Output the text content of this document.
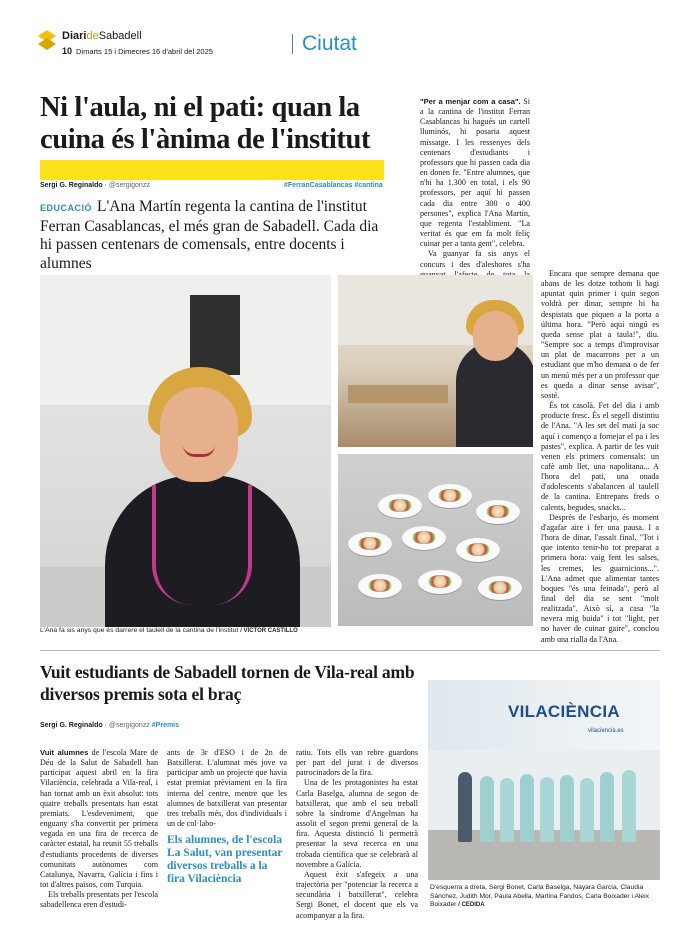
DiarideSabadell
10 Dimarts 15 i Dimecres 16 d'abril del 2025	Ciutat
Ni l'aula, ni el pati: quan la cuina és l'ànima de l'institut
Sergi G. Reginaldo · @sergigonzz	#FerranCasablancas #cantina
EDUCACIÓ L'Ana Martín regenta la cantina de l'institut Ferran Casablancas, el més gran de Sabadell. Cada dia hi passen centenars de comensals, entre docents i alumnes

"Per a menjar com a casa". Si a la cantina de l'institut Ferran Casablancas hi hagués un cartell lluminós, hi posaria aquest missatge. I les ressenyes dels centenars d'estudiants i professors que hi passen cada dia en donen fe. "Entre alumnes, que n'hi ha 1.300 en total, i els 90 professors, per aquí hi passen cada dia entre 300 o 400 persones", explica l'Ana Martín, que regenta l'establiment. "La veritat és que em fa molt feliç cuinar per a tanta gent", celebra.

Va guanyar fa sis anys el concurs i des d'aleshores s'ha

Encara que sempre demana que abans de les dotze tothom li hagi apuntat quin primer i quin segon voldrà per dinar, sempre hi ha despistats que piquen a la porta a última hora. "Però aquí ningú es queda sense plat a taula!", diu. "Sempre soc a temps d'improvisar un plat de macarrons per a un estudiant que m'ho demana o de fer un menú més per a un professor que es queda a dinar sense avisar", sosté.

És tot casolà. Fet del dia i amb producte fresc. És el segell distintiu de l'Ana. "A les set del matí ja soc aquí i començo a fornejar el pa i les pastes", explica. A partir de les vuit venen els primers comensals: un cafè amb llet, una napolitana... A l'hora del pati, una onada d'adolescents s'abalancen al taulell de la cantina. Entrepans freds o calents, begudes, snacks...

Després de l'esbarjo, és moment d'agafar aire i fer una pausa. I a l'hora de dinar, l'assalt final. "Tot i que intento tenir-ho tot preparat a primera hora: vaig fent les salses, les cremes, les guarnicions...". L'Ana admet que alimentar tantes boques "és una feinada", però al final del dia se sent "molt realitzada". Això sí, a casa "la nevera mig buida" i tot "light, per no haver de cuinar gaire", conclou amb una rialla da l'Ana.

L'Ana fa sis anys que és darrere el taulell de la cantina de l'institut / VÍCTOR CASTILLO
Vuit estudiants de Sabadell tornen de Vila-real amb diversos premis sota el braç
Sergi G. Reginaldo · @sergigonzz #Premis

Vuit alumnes de l'escola Mare de Déu de la Salut de Sabadell han participat aquest abril en la fira Vilaciència, celebrada a Vila-real, i han tornat amb un èxit absolut: tots quatre treballs presentats han estat premiats. L'esdeveniment, que enguany s'ha convertit per primera vegada en una fira de recerca de caràcter estatal, ha reunit 55 treballs d'estudiants procedents de diverses comunitats autònomes com Catalunya, Navarra, Galícia i fins i tot d'altres països, com Turquia.

Els treballs presentats per l'escola sabadellenca eren d'estudi-

ants de 3r d'ESO i de 2n de Batxillerat. L'alumnat més jove va participar amb un projecte que havia estat premiat prèviament en la fira interna del centre, mentre que les alumnes de batxillerat van presentar tres treballs més, dos d'individuals i un de col·labo-

Els alumnes, de l'escola La Salut, van presentar diversos treballs a la fira Vilaciència

ratiu. Tots ells van rebre guardons per part del jurat i de diversos patrocinadors de la fira.

Una de les protagonistes ha estat Carla Baselga, alumna de segon de batxillerat, que amb el seu treball sobre la síndrome d'Angelman ha assolit el segon premi general de la fira. Aquesta distinció li permetrà presentar la seva recerca en una trobada científica que se celebrarà al novembre a Galícia.

Aquest èxit s'afegeix a una trajectòria per "potenciar la recerca a secundària i batxillerat", celebra Sergi Bonet, el docent que els va acompanyar a la fira.

VILACIÈNCIA
vilaciencia.es
D'esquerra a dreta, Sergi Bonet, Carla Baselga, Nayara García, Claudia Sánchez, Judith Mor, Paula Abella, Martina Fandos, Carla Boixader i Aleix Boixader / CEDIDA
